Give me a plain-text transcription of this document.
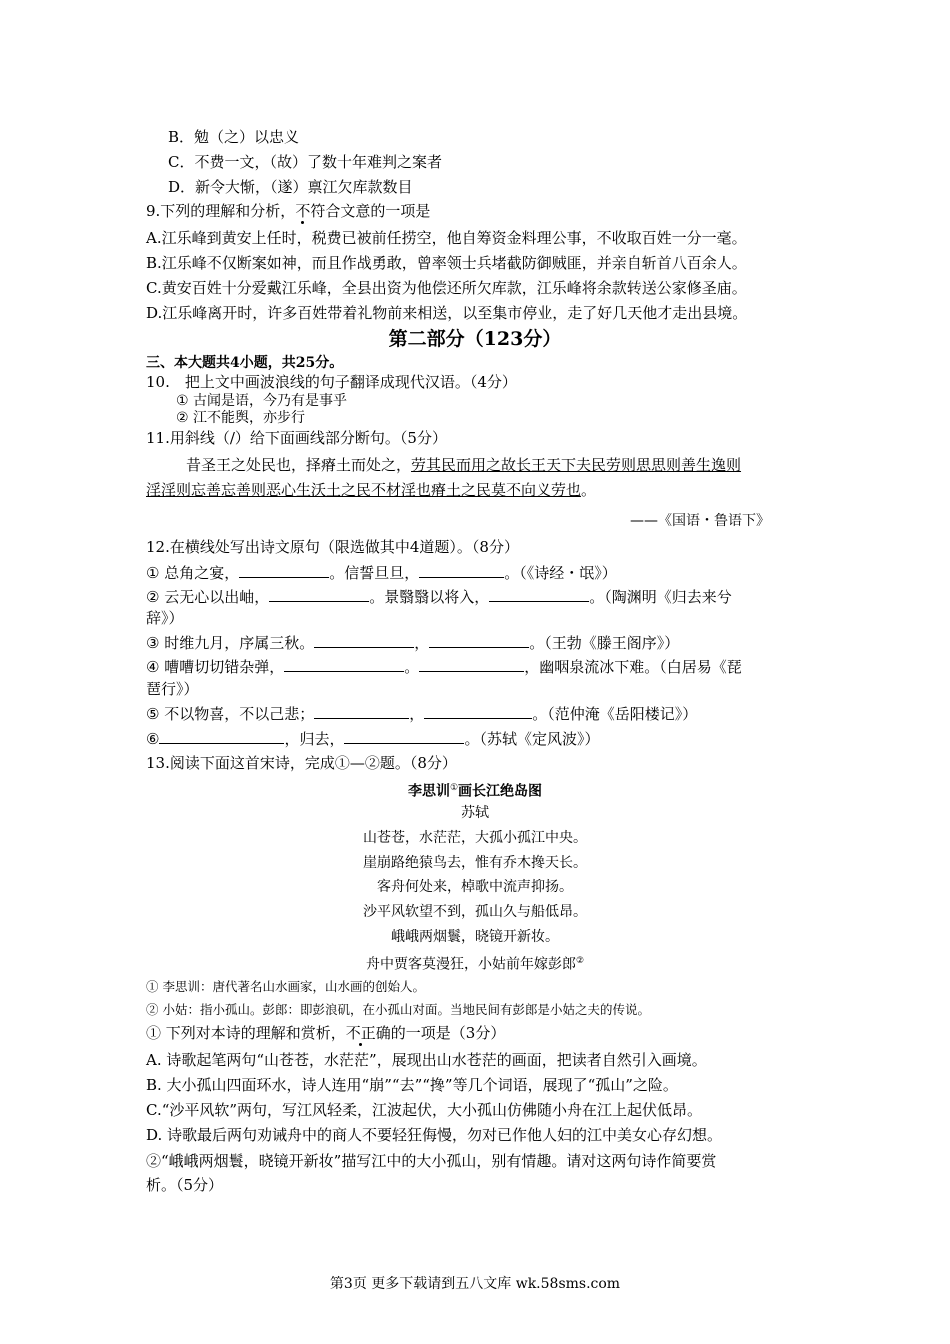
B．勉（之）以忠义
C．不费一文，（故）了数十年难判之案者
D．新令大惭，（遂）禀江欠库款数目
9.下列的理解和分析，不符合文意的一项是
A.江乐峰到黄安上任时，税费已被前任捞空，他自筹资金料理公事，不收取百姓一分一毫。
B.江乐峰不仅断案如神，而且作战勇敢，曾率领士兵堵截防御贼匪，并亲自斩首八百余人。
C.黄安百姓十分爱戴江乐峰，全县出资为他偿还所欠库款，江乐峰将余款转送公家修圣庙。
D.江乐峰离开时，许多百姓带着礼物前来相送，以至集市停业，走了好几天他才走出县境。
第二部分（123分）
三、本大题共4小题，共25分。
10.　把上文中画波浪线的句子翻译成现代汉语。（4分）
① 古闻是语，今乃有是事乎
② 江不能舆，亦步行
11.用斜线（/）给下面画线部分断句。（5分）
昔圣王之处民也，择瘠土而处之，劳其民而用之故长王天下夫民劳则思思则善生逸则
淫淫则忘善忘善则恶心生沃土之民不材淫也瘠土之民莫不向义劳也。
——《国语・鲁语下》
12.在横线处写出诗文原句（限选做其中4道题）。（8分）
① 总角之宴，	。信誓旦旦，	。（《诗经・氓》）
② 云无心以出岫，	。景翳翳以将入，	。（陶渊明《归去来兮
辞》）
③ 时维九月，序属三秋。	，	。（王勃《滕王阁序》）
④ 嘈嘈切切错杂弹，	。	，幽咽泉流冰下难。（白居易《琵
琶行》）
⑤ 不以物喜，不以己悲；	，	。（范仲淹《岳阳楼记》）
⑥	，归去，	。（苏轼《定风波》）
13.阅读下面这首宋诗，完成①—②题。（8分）
李思训①画长江绝岛图
苏轼
山苍苍，水茫茫，大孤小孤江中央。
崖崩路绝猿鸟去，惟有乔木搀天长。
客舟何处来，棹歌中流声抑扬。
沙平风软望不到，孤山久与船低昂。
峨峨两烟鬟，晓镜开新妆。
舟中贾客莫漫狂，小姑前年嫁彭郎②
① 李思训：唐代著名山水画家，山水画的创始人。
② 小姑：指小孤山。彭郎：即彭浪矶，在小孤山对面。当地民间有彭郎是小姑之夫的传说。
① 下列对本诗的理解和赏析，不正确的一项是（3分）
A. 诗歌起笔两句“山苍苍，水茫茫”，展现出山水苍茫的画面，把读者自然引入画境。
B. 大小孤山四面环水，诗人连用“崩”“去”“搀”等几个词语，展现了“孤山”之险。
C.“沙平风软”两句，写江风轻柔，江波起伏，大小孤山仿佛随小舟在江上起伏低昂。
D. 诗歌最后两句劝诫舟中的商人不要轻狂侮慢，勿对已作他人妇的江中美女心存幻想。
②“峨峨两烟鬟，晓镜开新妆”描写江中的大小孤山，别有情趣。请对这两句诗作简要赏
析。（5分）
第3页 更多下载请到五八文库 wk.58sms.com
